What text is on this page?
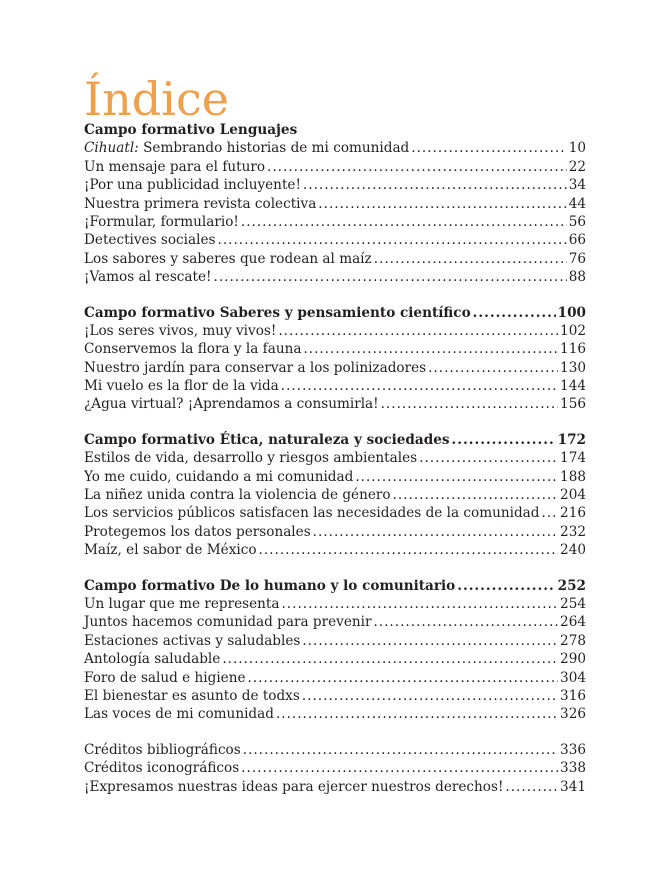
Índice
Campo formativo Lenguajes
Cihuatl: Sembrando historias de mi comunidad .....	10
Un mensaje para el futuro .....	22
¡Por una publicidad incluyente! .....	34
Nuestra primera revista colectiva .....	44
¡Formular, formulario! .....	56
Detectives sociales .....	66
Los sabores y saberes que rodean al maíz .....	76
¡Vamos al rescate! .....	88
Campo formativo Saberes y pensamiento científico .....	100
¡Los seres vivos, muy vivos! .....	102
Conservemos la flora y la fauna .....	116
Nuestro jardín para conservar a los polinizadores .....	130
Mi vuelo es la flor de la vida .....	144
¿Agua virtual? ¡Aprendamos a consumirla! .....	156
Campo formativo Ética, naturaleza y sociedades .....	172
Estilos de vida, desarrollo y riesgos ambientales .....	174
Yo me cuido, cuidando a mi comunidad .....	188
La niñez unida contra la violencia de género .....	204
Los servicios públicos satisfacen las necesidades de la comunidad ..... 216
Protegemos los datos personales .....	232
Maíz, el sabor de México .....	240
Campo formativo De lo humano y lo comunitario .....	252
Un lugar que me representa .....	254
Juntos hacemos comunidad para prevenir .....	264
Estaciones activas y saludables .....	278
Antología saludable .....	290
Foro de salud e higiene .....	304
El bienestar es asunto de todxs .....	316
Las voces de mi comunidad .....	326
Créditos bibliográficos .....	336
Créditos iconográficos .....	338
¡Expresamos nuestras ideas para ejercer nuestros derechos! .....	341
